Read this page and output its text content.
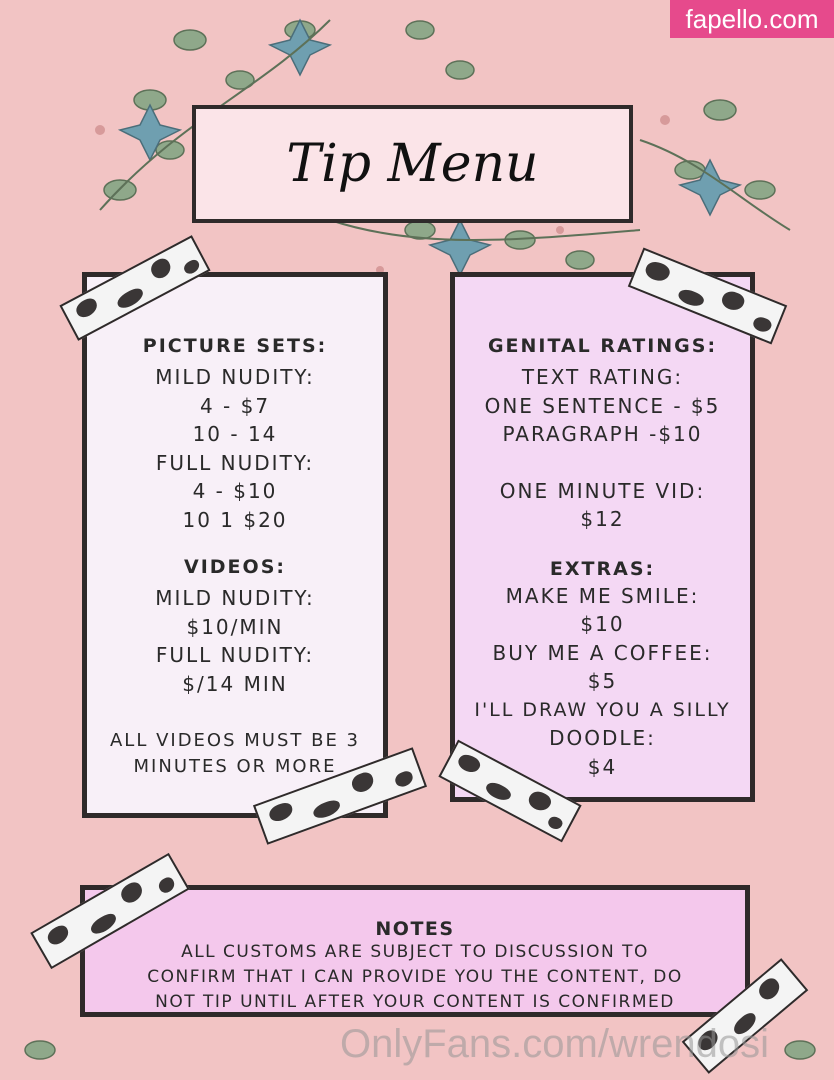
fapello.com
Tip Menu

PICTURE SETS:

MILD NUDITY:

4 - $7

10 - 14

FULL NUDITY:

4 - $10

10 1 $20

VIDEOS:

MILD NUDITY:

$10/MIN

FULL NUDITY:

$/14 MIN

ALL VIDEOS MUST BE 3

MINUTES OR MORE

GENITAL RATINGS:

TEXT RATING:

ONE SENTENCE - $5

PARAGRAPH -$10

ONE MINUTE VID:

$12

EXTRAS:

MAKE ME SMILE:

$10

BUY ME A COFFEE:

$5

I'LL DRAW YOU A SILLY

DOODLE:

$4

NOTES

ALL CUSTOMS ARE SUBJECT TO DISCUSSION TO

CONFIRM THAT I CAN PROVIDE YOU THE CONTENT, DO

NOT TIP UNTIL AFTER YOUR CONTENT IS CONFIRMED

OnlyFans.com/wrendosi
